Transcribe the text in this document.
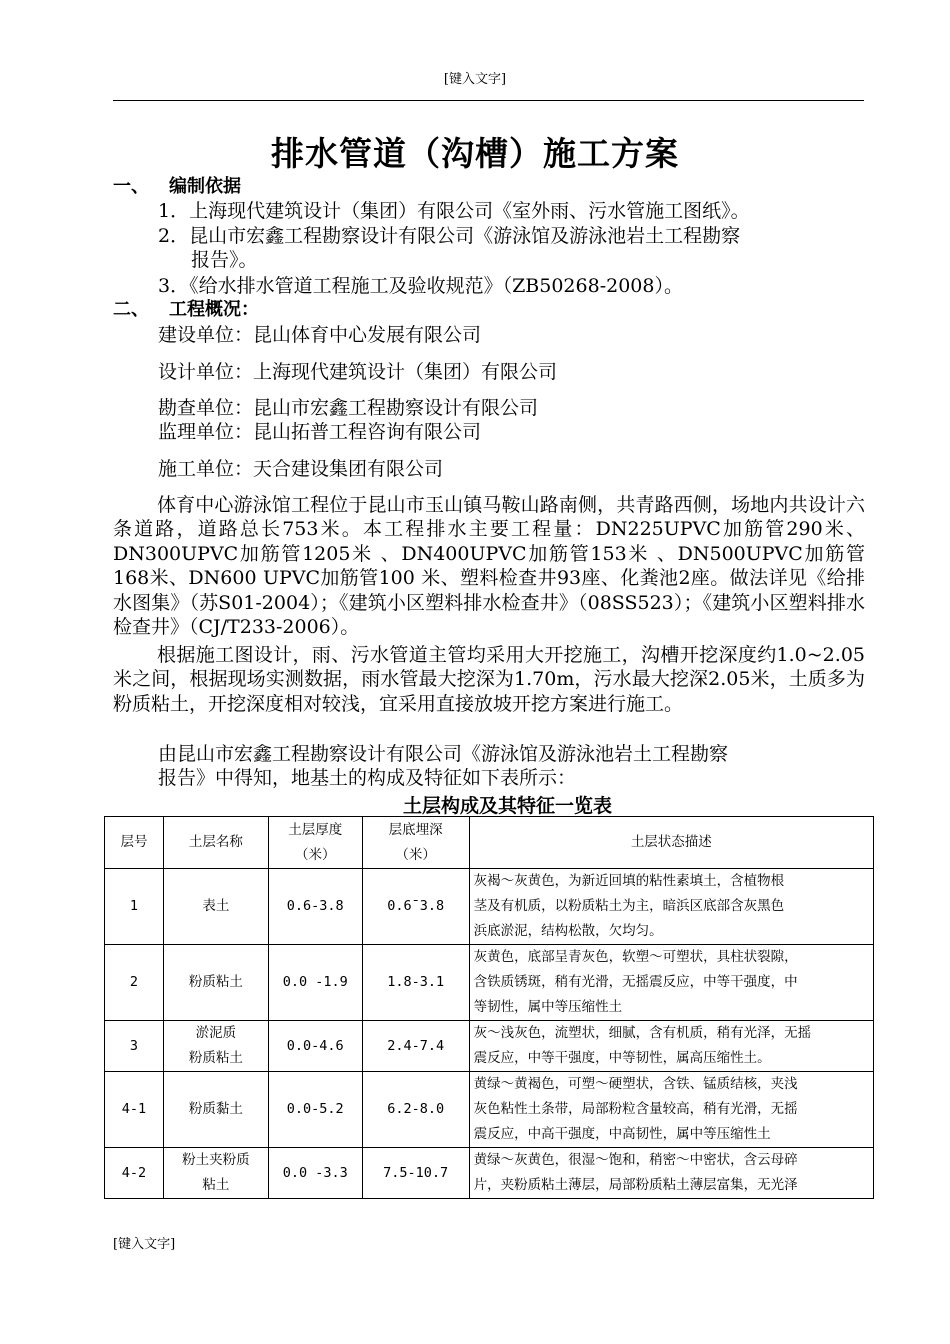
[键入文字]
排水管道（沟槽）施工方案
一、 编制依据
1．上海现代建筑设计（集团）有限公司《室外雨、污水管施工图纸》。
2．昆山市宏鑫工程勘察设计有限公司《游泳馆及游泳池岩土工程勘察
报告》。
3．《给水排水管道工程施工及验收规范》（ZB50268-2008）。
二、 工程概况：
建设单位：昆山体育中心发展有限公司
设计单位：上海现代建筑设计（集团）有限公司
勘查单位：昆山市宏鑫工程勘察设计有限公司
监理单位：昆山拓普工程咨询有限公司
施工单位：天合建设集团有限公司
体育中心游泳馆工程位于昆山市玉山镇马鞍山路南侧，共青路西侧，场地内共设计六条道路，道路总长753米。本工程排水主要工程量：DN225UPVC加筋管290米、DN300UPVC加筋管1205米 、DN400UPVC加筋管153米 、DN500UPVC加筋管168米、DN600 UPVC加筋管100 米、塑料检查井93座、化粪池2座。做法详见《给排水图集》（苏S01-2004）；《建筑小区塑料排水检查井》（08SS523）；《建筑小区塑料排水检查井》（CJ/T233-2006）。
根据施工图设计，雨、污水管道主管均采用大开挖施工，沟槽开挖深度约1.0~2.05米之间，根据现场实测数据，雨水管最大挖深为1.70m，污水最大挖深2.05米，土质多为粉质粘土，开挖深度相对较浅，宜采用直接放坡开挖方案进行施工。
由昆山市宏鑫工程勘察设计有限公司《游泳馆及游泳池岩土工程勘察
报告》中得知，地基土的构成及特征如下表所示：
土层构成及其特征一览表
层号	土层名称	土层厚度
（米）	层底埋深
（米）	土层状态描述
1	表土	0.6-3.8	0.6¯3.8	灰褐～灰黄色，为新近回填的粘性素填土，含植物根
茎及有机质，以粉质粘土为主，暗浜区底部含灰黑色
浜底淤泥，结构松散，欠均匀。
2	粉质粘土	0.0 -1.9	1.8-3.1	灰黄色，底部呈青灰色，软塑～可塑状，具柱状裂隙，
含铁质锈斑，稍有光滑，无摇震反应，中等干强度，中
等韧性，属中等压缩性土
3	淤泥质
粉质粘土	0.0-4.6	2.4-7.4	灰～浅灰色，流塑状，细腻，含有机质，稍有光泽，无摇
震反应，中等干强度，中等韧性，属高压缩性土。
4-1	粉质黏土	0.0-5.2	6.2-8.0	黄绿～黄褐色，可塑～硬塑状，含铁、锰质结核，夹浅
灰色粘性土条带，局部粉粒含量较高，稍有光滑，无摇
震反应，中高干强度，中高韧性，属中等压缩性土
4-2	粉土夹粉质
粘土	0.0 -3.3	7.5-10.7	黄绿～灰黄色，很湿～饱和，稍密～中密状，含云母碎
片，夹粉质粘土薄层，局部粉质粘土薄层富集，无光泽
[键入文字]
